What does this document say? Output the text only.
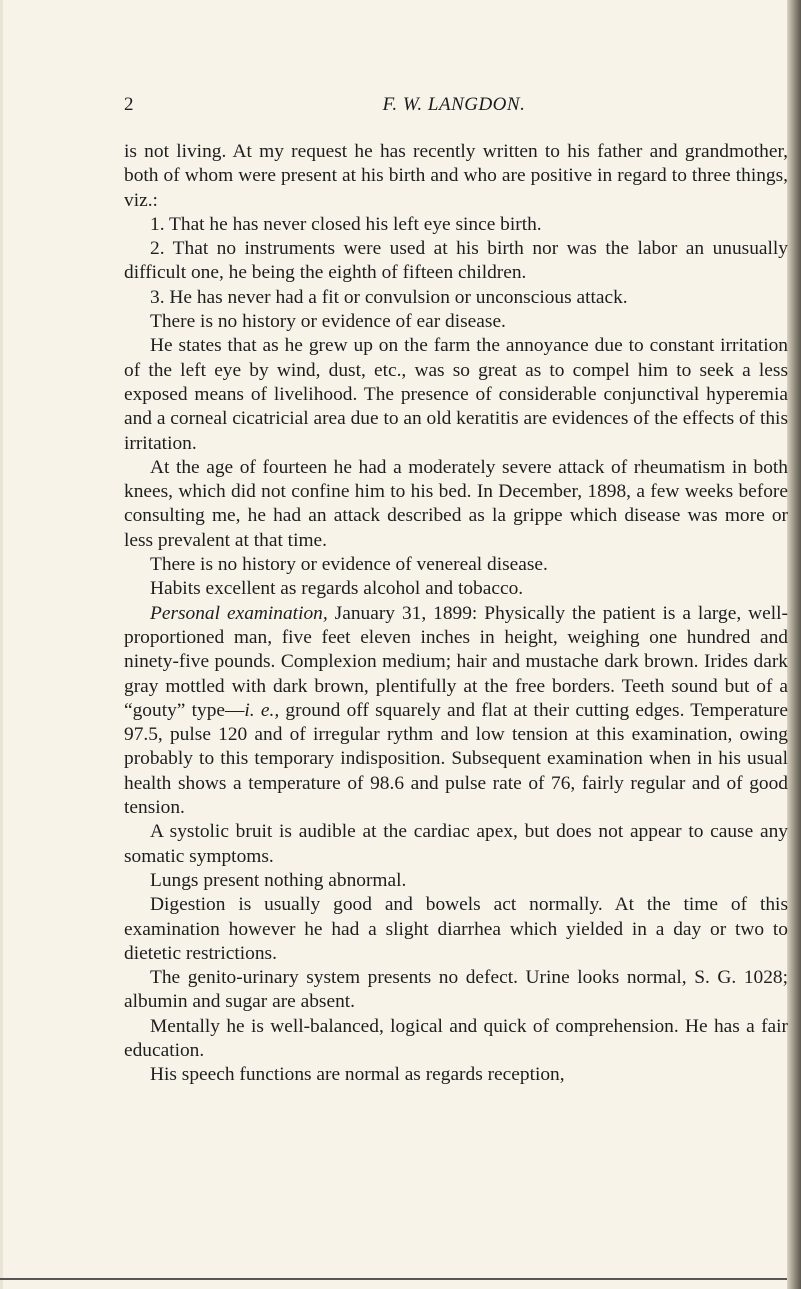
2	F. W. LANGDON.

is not living. At my request he has recently written to his father and grandmother, both of whom were present at his birth and who are positive in regard to three things, viz.:

1. That he has never closed his left eye since birth.

2. That no instruments were used at his birth nor was the labor an unusually difficult one, he being the eighth of fifteen children.

3. He has never had a fit or convulsion or unconscious attack.

There is no history or evidence of ear disease.

He states that as he grew up on the farm the annoyance due to constant irritation of the left eye by wind, dust, etc., was so great as to compel him to seek a less exposed means of livelihood. The presence of considerable conjunctival hyperemia and a corneal cicatricial area due to an old keratitis are evidences of the effects of this irritation.

At the age of fourteen he had a moderately severe attack of rheumatism in both knees, which did not confine him to his bed. In December, 1898, a few weeks before consulting me, he had an attack described as la grippe which disease was more or less prevalent at that time.

There is no history or evidence of venereal disease.

Habits excellent as regards alcohol and tobacco.

Personal examination, January 31, 1899: Physically the patient is a large, well-proportioned man, five feet eleven inches in height, weighing one hundred and ninety-five pounds. Complexion medium; hair and mustache dark brown. Irides dark gray mottled with dark brown, plentifully at the free borders. Teeth sound but of a “gouty” type—i. e., ground off squarely and flat at their cutting edges. Temperature 97.5, pulse 120 and of irregular rythm and low tension at this examination, owing probably to this temporary indisposition. Subsequent examination when in his usual health shows a temperature of 98.6 and pulse rate of 76, fairly regular and of good tension.

A systolic bruit is audible at the cardiac apex, but does not appear to cause any somatic symptoms.

Lungs present nothing abnormal.

Digestion is usually good and bowels act normally. At the time of this examination however he had a slight diarrhea which yielded in a day or two to dietetic restrictions.

The genito-urinary system presents no defect. Urine looks normal, S. G. 1028; albumin and sugar are absent.

Mentally he is well-balanced, logical and quick of comprehension. He has a fair education.

His speech functions are normal as regards reception,
